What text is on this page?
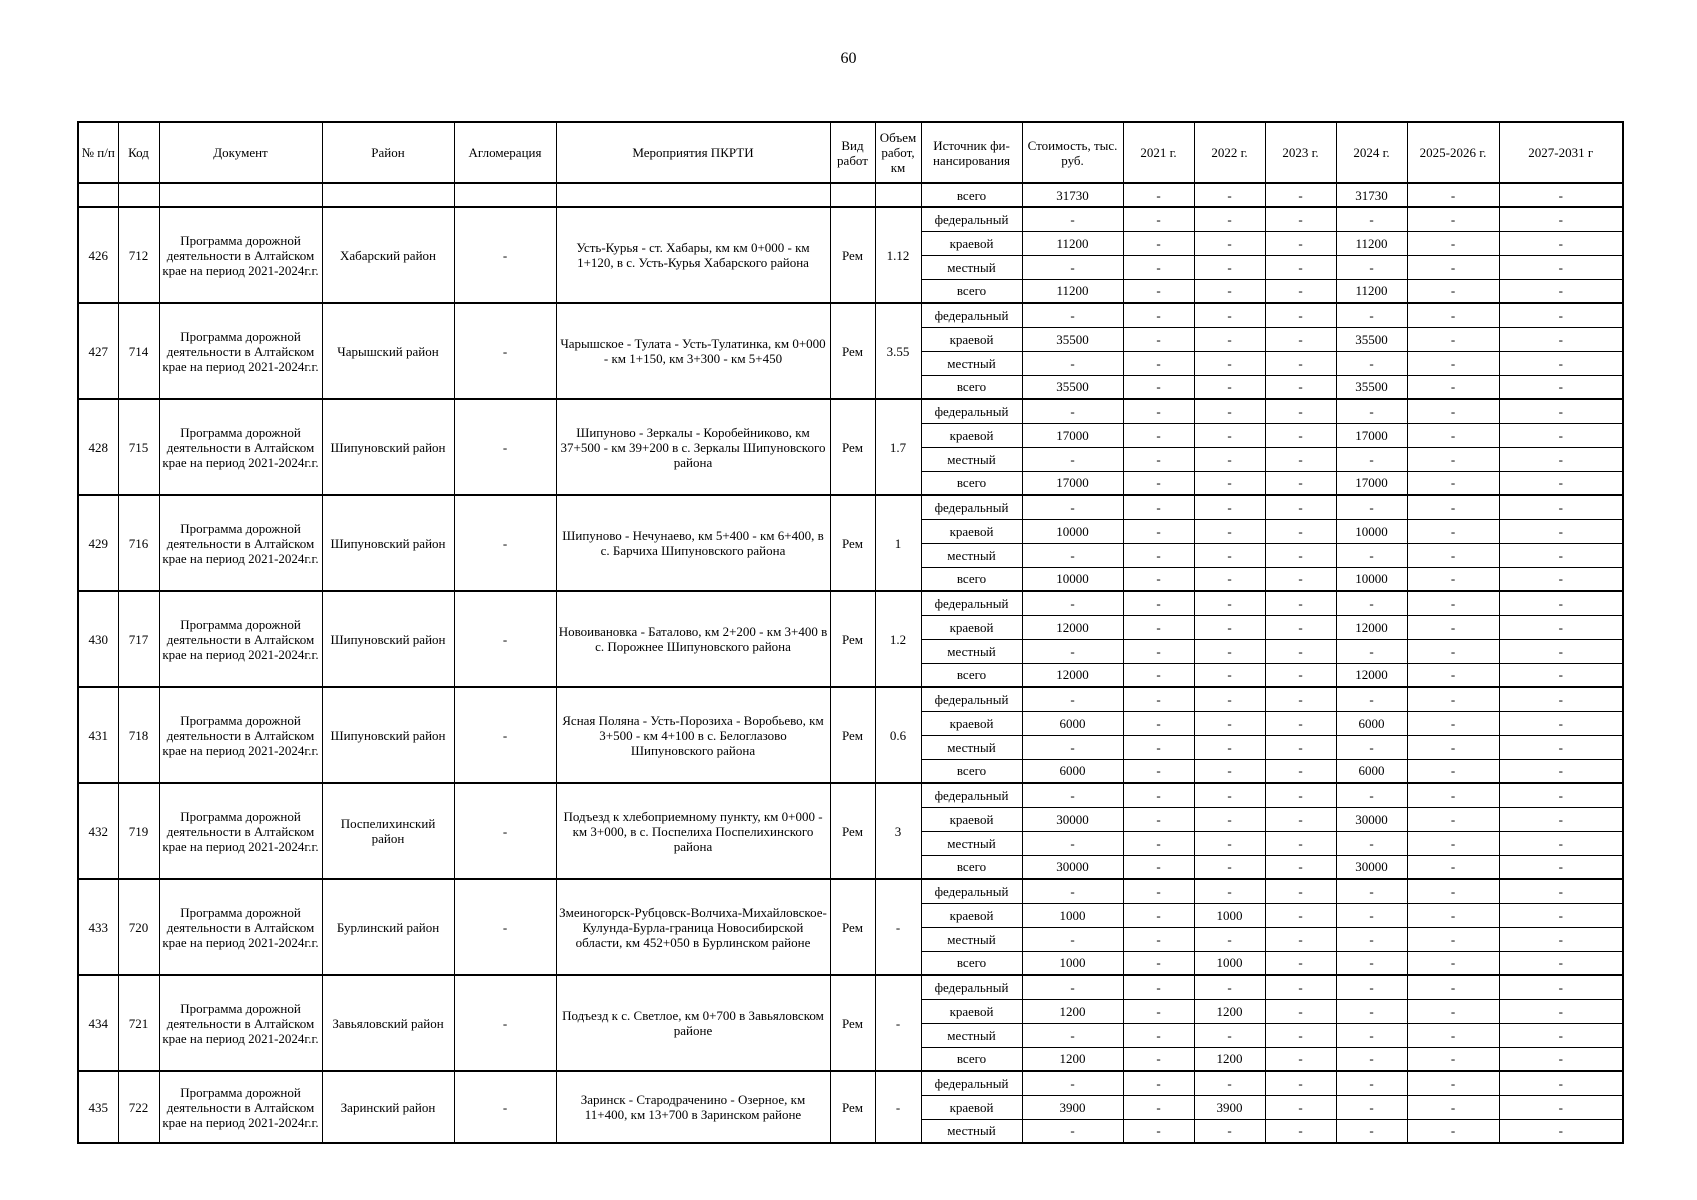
60
№ п/п	Код	Документ	Район	Агломерация	Мероприятия ПКРТИ	Вид работ	Объем работ, км	Источник фи-нансирования	Стоимость, тыс. руб.	2021 г.	2022 г.	2023 г.	2024 г.	2025-2026 г.	2027-2031 г
								всего	31730	-	-	-	31730	-	-
426	712	Программа дорожной деятельности в Алтайском крае на период 2021-2024г.г.	Хабарский район	-	Усть-Курья - ст. Хабары, км км 0+000 - км 1+120, в с. Усть-Курья Хабарского района	Рем	1.12	федеральный	-	-	-	-	-	-	-
								краевой	11200	-	-	-	11200	-	-
								местный	-	-	-	-	-	-	-
								всего	11200	-	-	-	11200	-	-
427	714	Программа дорожной деятельности в Алтайском крае на период 2021-2024г.г.	Чарышский район	-	Чарышское - Тулата - Усть-Тулатинка, км 0+000 - км 1+150, км 3+300 - км 5+450	Рем	3.55	федеральный	-	-	-	-	-	-	-
								краевой	35500	-	-	-	35500	-	-
								местный	-	-	-	-	-	-	-
								всего	35500	-	-	-	35500	-	-
428	715	Программа дорожной деятельности в Алтайском крае на период 2021-2024г.г.	Шипуновский район	-	Шипуново - Зеркалы - Коробейниково, км 37+500 - км 39+200 в с. Зеркалы Шипуновского района	Рем	1.7	федеральный	-	-	-	-	-	-	-
								краевой	17000	-	-	-	17000	-	-
								местный	-	-	-	-	-	-	-
								всего	17000	-	-	-	17000	-	-
429	716	Программа дорожной деятельности в Алтайском крае на период 2021-2024г.г.	Шипуновский район	-	Шипуново - Нечунаево, км 5+400 - км 6+400, в с. Барчиха Шипуновского района	Рем	1	федеральный	-	-	-	-	-	-	-
								краевой	10000	-	-	-	10000	-	-
								местный	-	-	-	-	-	-	-
								всего	10000	-	-	-	10000	-	-
430	717	Программа дорожной деятельности в Алтайском крае на период 2021-2024г.г.	Шипуновский район	-	Новоивановка - Баталово, км 2+200 - км 3+400 в с. Порожнее Шипуновского района	Рем	1.2	федеральный	-	-	-	-	-	-	-
								краевой	12000	-	-	-	12000	-	-
								местный	-	-	-	-	-	-	-
								всего	12000	-	-	-	12000	-	-
431	718	Программа дорожной деятельности в Алтайском крае на период 2021-2024г.г.	Шипуновский район	-	Ясная Поляна - Усть-Порозиха - Воробьево, км 3+500 - км 4+100 в с. Белоглазово Шипуновского района	Рем	0.6	федеральный	-	-	-	-	-	-	-
								краевой	6000	-	-	-	6000	-	-
								местный	-	-	-	-	-	-	-
								всего	6000	-	-	-	6000	-	-
432	719	Программа дорожной деятельности в Алтайском крае на период 2021-2024г.г.	Поспелихинский район	-	Подъезд к хлебоприемному пункту, км 0+000 - км 3+000, в с. Поспелиха Поспелихинского района	Рем	3	федеральный	-	-	-	-	-	-	-
								краевой	30000	-	-	-	30000	-	-
								местный	-	-	-	-	-	-	-
								всего	30000	-	-	-	30000	-	-
433	720	Программа дорожной деятельности в Алтайском крае на период 2021-2024г.г.	Бурлинский район	-	Змеиногорск-Рубцовск-Волчиха-Михайловское-Кулунда-Бурла-граница Новосибирской области, км 452+050 в Бурлинском районе	Рем	-	федеральный	-	-	-	-	-	-	-
								краевой	1000	-	1000	-	-	-	-
								местный	-	-	-	-	-	-	-
								всего	1000	-	1000	-	-	-	-
434	721	Программа дорожной деятельности в Алтайском крае на период 2021-2024г.г.	Завьяловский район	-	Подъезд к с. Светлое, км 0+700 в Завьяловском районе	Рем	-	федеральный	-	-	-	-	-	-	-
								краевой	1200	-	1200	-	-	-	-
								местный	-	-	-	-	-	-	-
								всего	1200	-	1200	-	-	-	-
435	722	Программа дорожной деятельности в Алтайском крае на период 2021-2024г.г.	Заринский район	-	Заринск - Стародраченино - Озерное, км 11+400, км 13+700 в Заринском районе	Рем	-	федеральный	-	-	-	-	-	-	-
								краевой	3900	-	3900	-	-	-	-
								местный	-	-	-	-	-	-	-
